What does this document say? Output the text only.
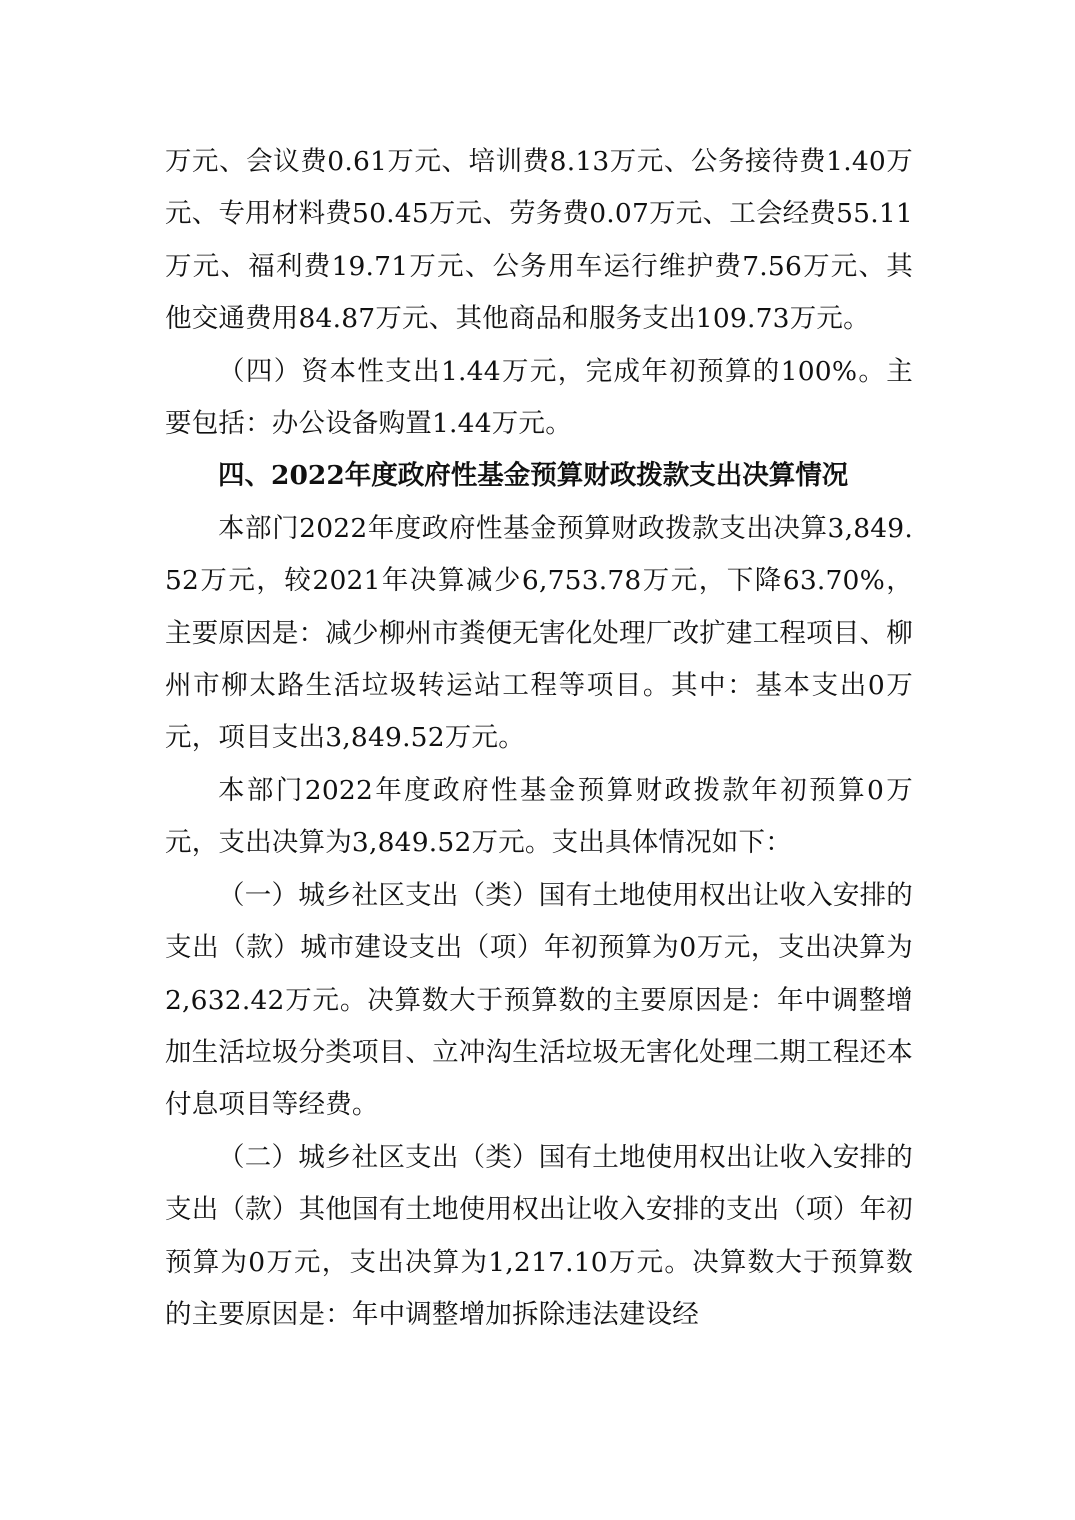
万元、会议费0.61万元、培训费8.13万元、公务接待费1.40万元、专用材料费50.45万元、劳务费0.07万元、工会经费55.11万元、福利费19.71万元、公务用车运行维护费7.56万元、其他交通费用84.87万元、其他商品和服务支出109.73万元。

（四）资本性支出1.44万元，完成年初预算的100%。主要包括：办公设备购置1.44万元。

四、2022年度政府性基金预算财政拨款支出决算情况

本部门2022年度政府性基金预算财政拨款支出决算3,849.52万元，较2021年决算减少6,753.78万元，下降63.70%，主要原因是：减少柳州市粪便无害化处理厂改扩建工程项目、柳州市柳太路生活垃圾转运站工程等项目。其中：基本支出0万元，项目支出3,849.52万元。

本部门2022年度政府性基金预算财政拨款年初预算0万元，支出决算为3,849.52万元。支出具体情况如下：

（一）城乡社区支出（类）国有土地使用权出让收入安排的支出（款）城市建设支出（项）年初预算为0万元，支出决算为2,632.42万元。决算数大于预算数的主要原因是：年中调整增加生活垃圾分类项目、立冲沟生活垃圾无害化处理二期工程还本付息项目等经费。

（二）城乡社区支出（类）国有土地使用权出让收入安排的支出（款）其他国有土地使用权出让收入安排的支出（项）年初预算为0万元，支出决算为1,217.10万元。决算数大于预算数的主要原因是：年中调整增加拆除违法建设经
